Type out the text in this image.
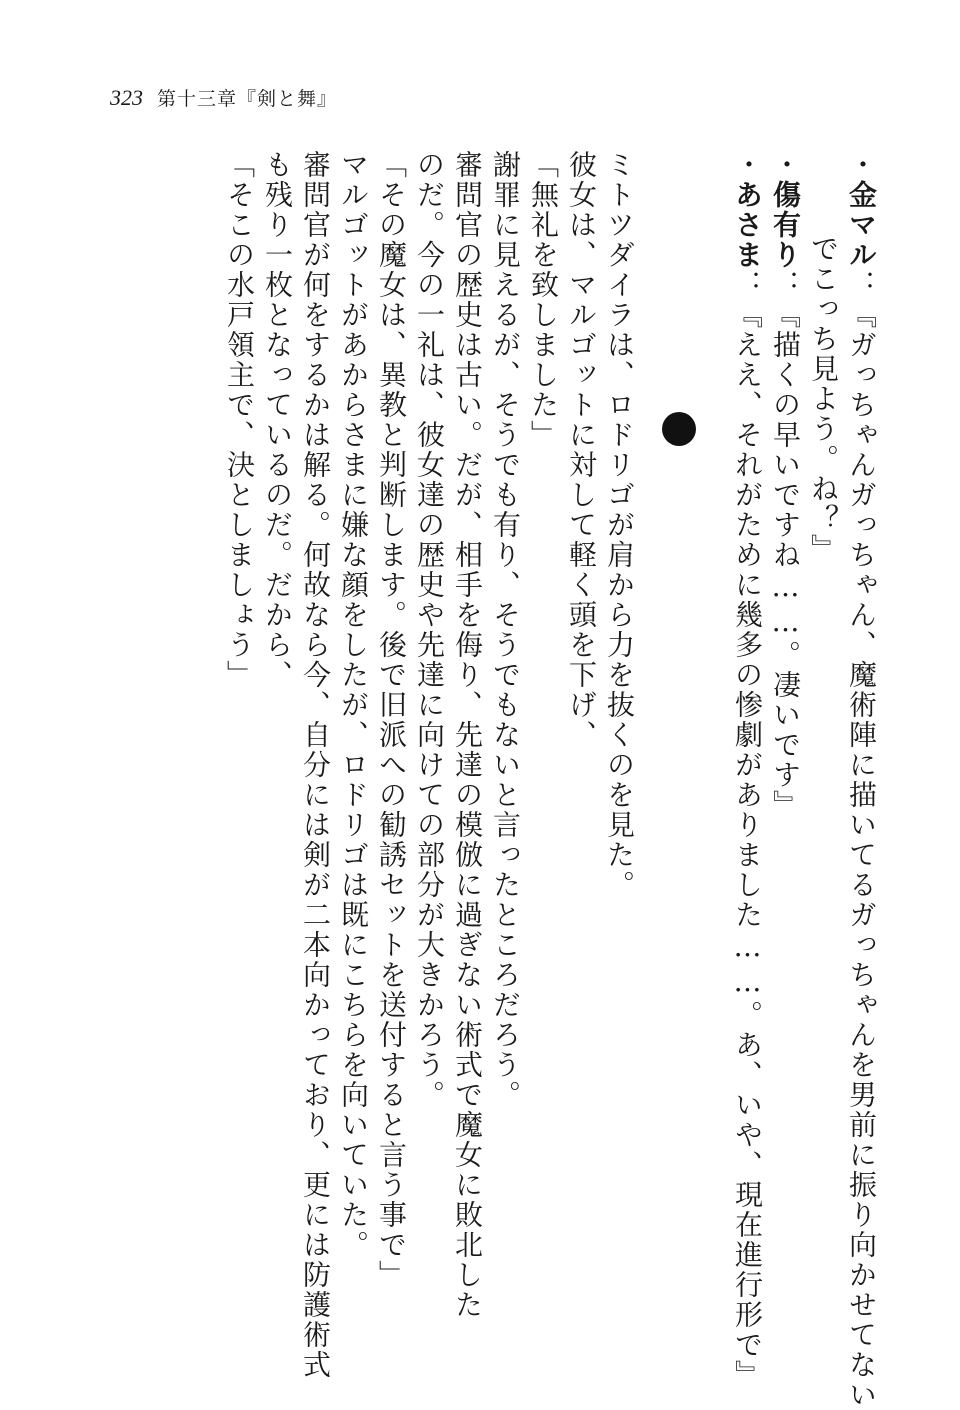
323 第十三章『剣と舞』
・金マル：『ガっちゃんガっちゃん、魔術陣に描いてるガっちゃんを男前に振り向かせてない
でこっち見よう。ね？』
・傷有り：『描くの早いですね……。凄いです』
・あさま：『ええ、それがために幾多の惨劇がありました……。あ、いや、現在進行形で』
ミトツダイラは、ロドリゴが肩から力を抜くのを見た。
彼女は、マルゴットに対して軽く頭を下げ、
「無礼を致しました」
謝罪に見えるが、そうでも有り、そうでもないと言ったところだろう。
審問官の歴史は古い。だが、相手を侮り、先達の模倣に過ぎない術式で魔女に敗北した
のだ。今の一礼は、彼女達の歴史や先達に向けての部分が大きかろう。
「その魔女は、異教と判断します。後で旧派への勧誘セットを送付すると言う事で」
マルゴットがあからさまに嫌な顔をしたが、ロドリゴは既にこちらを向いていた。
審問官が何をするかは解る。何故なら今、自分には剣が二本向かっており、更には防護術式
も残り一枚となっているのだ。だから、
「そこの水戸領主で、決としましょう」
